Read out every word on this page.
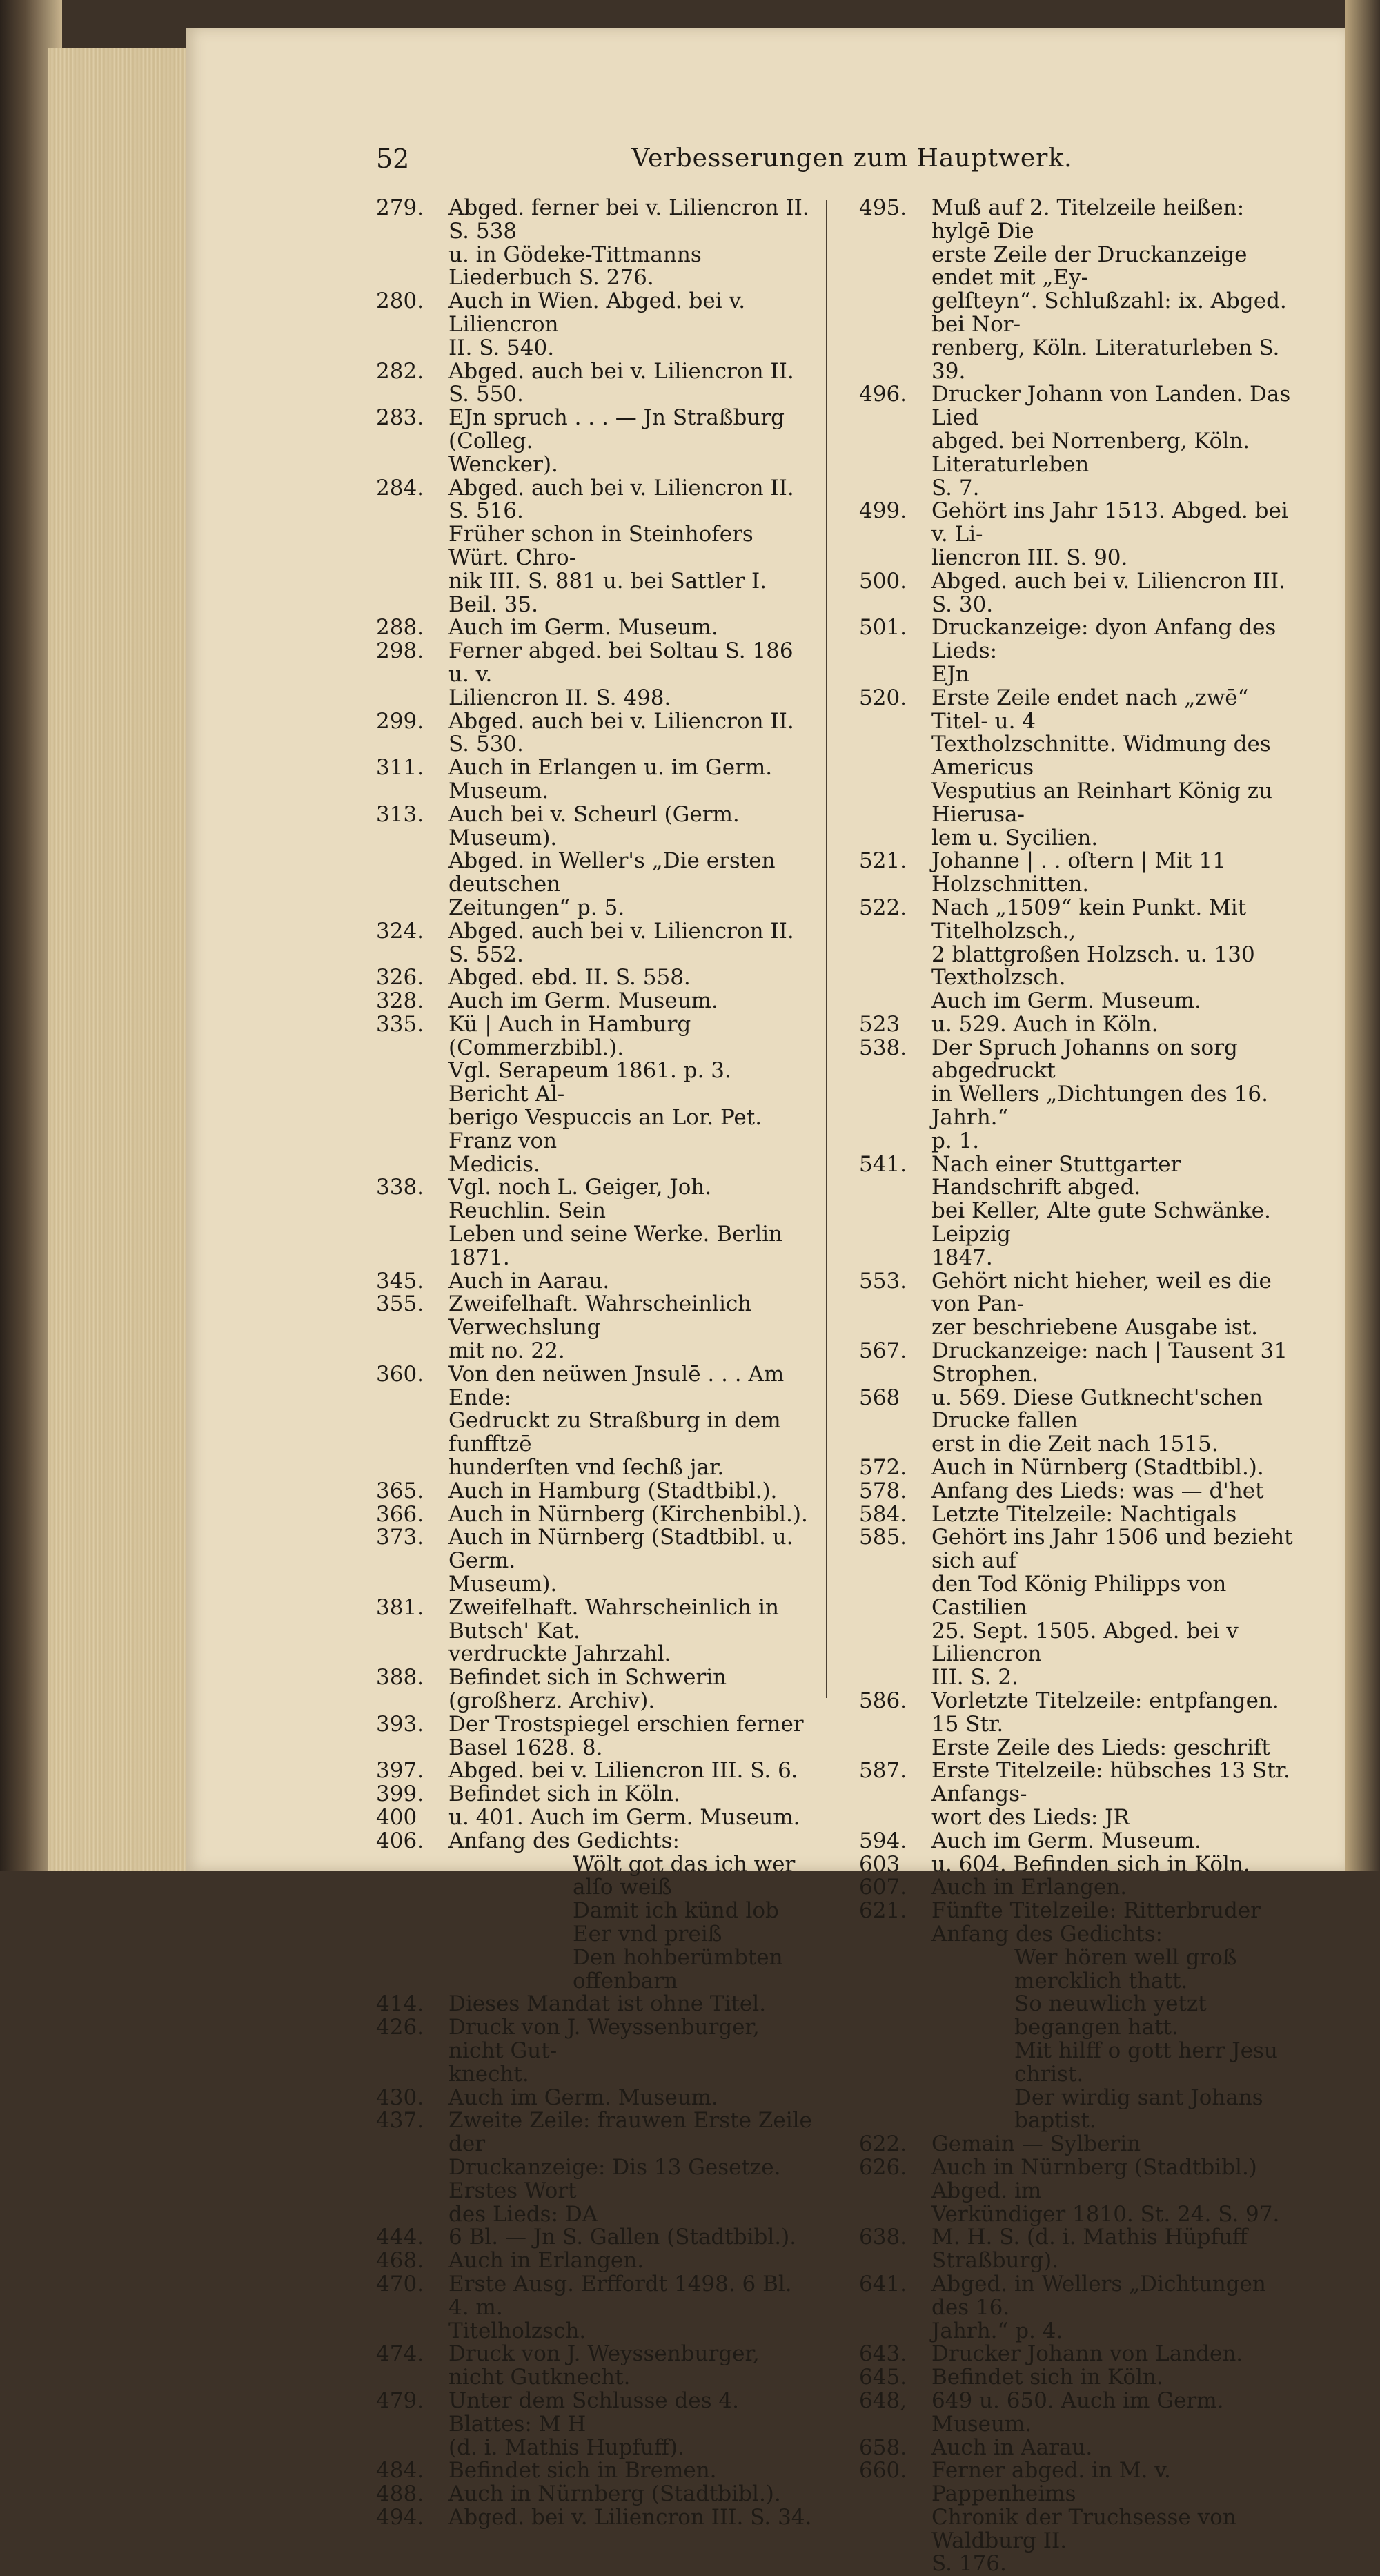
52	Verbesserungen zum Hauptwerk.
279.	Abged. ferner bei v. Liliencron II. S. 538
u. in Gödeke-Tittmanns Liederbuch S. 276.
280.	Auch in Wien. Abged. bei v. Liliencron
II. S. 540.
282.	Abged. auch bei v. Liliencron II. S. 550.
283.	EJn spruch . . . — Jn Straßburg (Colleg.
Wencker).
284.	Abged. auch bei v. Liliencron II. S. 516.
Früher schon in Steinhofers Würt. Chro-
nik III. S. 881 u. bei Sattler I. Beil. 35.
288.	Auch im Germ. Museum.
298.	Ferner abged. bei Soltau S. 186 u. v.
Liliencron II. S. 498.
299.	Abged. auch bei v. Liliencron II. S. 530.
311.	Auch in Erlangen u. im Germ. Museum.
313.	Auch bei v. Scheurl (Germ. Museum).
Abged. in Weller's „Die ersten deutschen
Zeitungen“ p. 5.
324.	Abged. auch bei v. Liliencron II. S. 552.
326.	Abged. ebd. II. S. 558.
328.	Auch im Germ. Museum.
335.	Kü | Auch in Hamburg (Commerzbibl.).
Vgl. Serapeum 1861. p. 3. Bericht Al-
berigo Vespuccis an Lor. Pet. Franz von
Medicis.
338.	Vgl. noch L. Geiger, Joh. Reuchlin. Sein
Leben und seine Werke. Berlin 1871.
345.	Auch in Aarau.
355.	Zweifelhaft. Wahrscheinlich Verwechslung
mit no. 22.
360.	Von den neüwen Jnsulē . . . Am Ende:
Gedruckt zu Straßburg in dem funfftzē
hunderſten vnd ſechß jar.
365.	Auch in Hamburg (Stadtbibl.).
366.	Auch in Nürnberg (Kirchenbibl.).
373.	Auch in Nürnberg (Stadtbibl. u. Germ.
Museum).
381.	Zweifelhaft. Wahrscheinlich in Butsch' Kat.
verdruckte Jahrzahl.
388.	Befindet sich in Schwerin (großherz. Archiv).
393.	Der Trostspiegel erschien ferner Basel 1628. 8.
397.	Abged. bei v. Liliencron III. S. 6.
399.	Befindet sich in Köln.
400	u. 401. Auch im Germ. Museum.
406.	Anfang des Gedichts:
Wölt got das ich wer alſo weiß
Damit ich künd lob Eer vnd preiß
Den hohberümbten offenbarn
414.	Dieses Mandat ist ohne Titel.
426.	Druck von J. Weyssenburger, nicht Gut-
knecht.
430.	Auch im Germ. Museum.
437.	Zweite Zeile: frauwen Erste Zeile der
Druckanzeige: Dis 13 Gesetze. Erstes Wort
des Lieds: DA
444.	6 Bl. — Jn S. Gallen (Stadtbibl.).
468.	Auch in Erlangen.
470.	Erste Ausg. Erffordt 1498. 6 Bl. 4. m.
Titelholzsch.
474.	Druck von J. Weyssenburger, nicht Gutknecht.
479.	Unter dem Schlusse des 4. Blattes: M H
(d. i. Mathis Hupfuff).
484.	Befindet sich in Bremen.
488.	Auch in Nürnberg (Stadtbibl.).
494.	Abged. bei v. Liliencron III. S. 34.
495.	Muß auf 2. Titelzeile heißen: hylgē Die
erste Zeile der Druckanzeige endet mit „Ey-
gelſteyn“. Schlußzahl: ix. Abged. bei Nor-
renberg, Köln. Literaturleben S. 39.
496.	Drucker Johann von Landen. Das Lied
abged. bei Norrenberg, Köln. Literaturleben
S. 7.
499.	Gehört ins Jahr 1513. Abged. bei v. Li-
liencron III. S. 90.
500.	Abged. auch bei v. Liliencron III. S. 30.
501.	Druckanzeige: dyon Anfang des Lieds:
EJn
520.	Erste Zeile endet nach „zwē“ Titel- u. 4
Textholzschnitte. Widmung des Americus
Vesputius an Reinhart König zu Hierusa-
lem u. Sycilien.
521.	Johanne | . . oſtern | Mit 11 Holzschnitten.
522.	Nach „1509“ kein Punkt. Mit Titelholzsch.,
2 blattgroßen Holzsch. u. 130 Textholzsch.
Auch im Germ. Museum.
523	u. 529. Auch in Köln.
538.	Der Spruch Johanns on sorg abgedruckt
in Wellers „Dichtungen des 16. Jahrh.“
p. 1.
541.	Nach einer Stuttgarter Handschrift abged.
bei Keller, Alte gute Schwänke. Leipzig
1847.
553.	Gehört nicht hieher, weil es die von Pan-
zer beschriebene Ausgabe ist.
567.	Druckanzeige: nach | Tausent 31 Strophen.
568	u. 569. Diese Gutknecht'schen Drucke fallen
erst in die Zeit nach 1515.
572.	Auch in Nürnberg (Stadtbibl.).
578.	Anfang des Lieds: was — d'het
584.	Letzte Titelzeile: Nachtigals
585.	Gehört ins Jahr 1506 und bezieht sich auf
den Tod König Philipps von Castilien
25. Sept. 1505. Abged. bei v Liliencron
III. S. 2.
586.	Vorletzte Titelzeile: entpfangen. 15 Str.
Erste Zeile des Lieds: geschrift
587.	Erste Titelzeile: hübsches 13 Str. Anfangs-
wort des Lieds: JR
594.	Auch im Germ. Museum.
603	u. 604. Befinden sich in Köln.
607.	Auch in Erlangen.
621.	Fünfte Titelzeile: Ritterbruder
Anfang des Gedichts:
Wer hören well groß mercklich thatt.
So neuwlich yetzt begangen hatt.
Mit hilff o gott herr Jesu christ.
Der wirdig sant Johans baptist.
622.	Gemain — Sylberin
626.	Auch in Nürnberg (Stadtbibl.) Abged. im
Verkündiger 1810. St. 24. S. 97.
638.	M. H. S. (d. i. Mathis Hüpfuff Straßburg).
641.	Abged. in Wellers „Dichtungen des 16.
Jahrh.“ p. 4.
643.	Drucker Johann von Landen.
645.	Befindet sich in Köln.
648,	649 u. 650. Auch im Germ. Museum.
658.	Auch in Aarau.
660.	Ferner abged. in M. v. Pappenheims
Chronik der Truchsesse von Waldburg II.
S. 176.
